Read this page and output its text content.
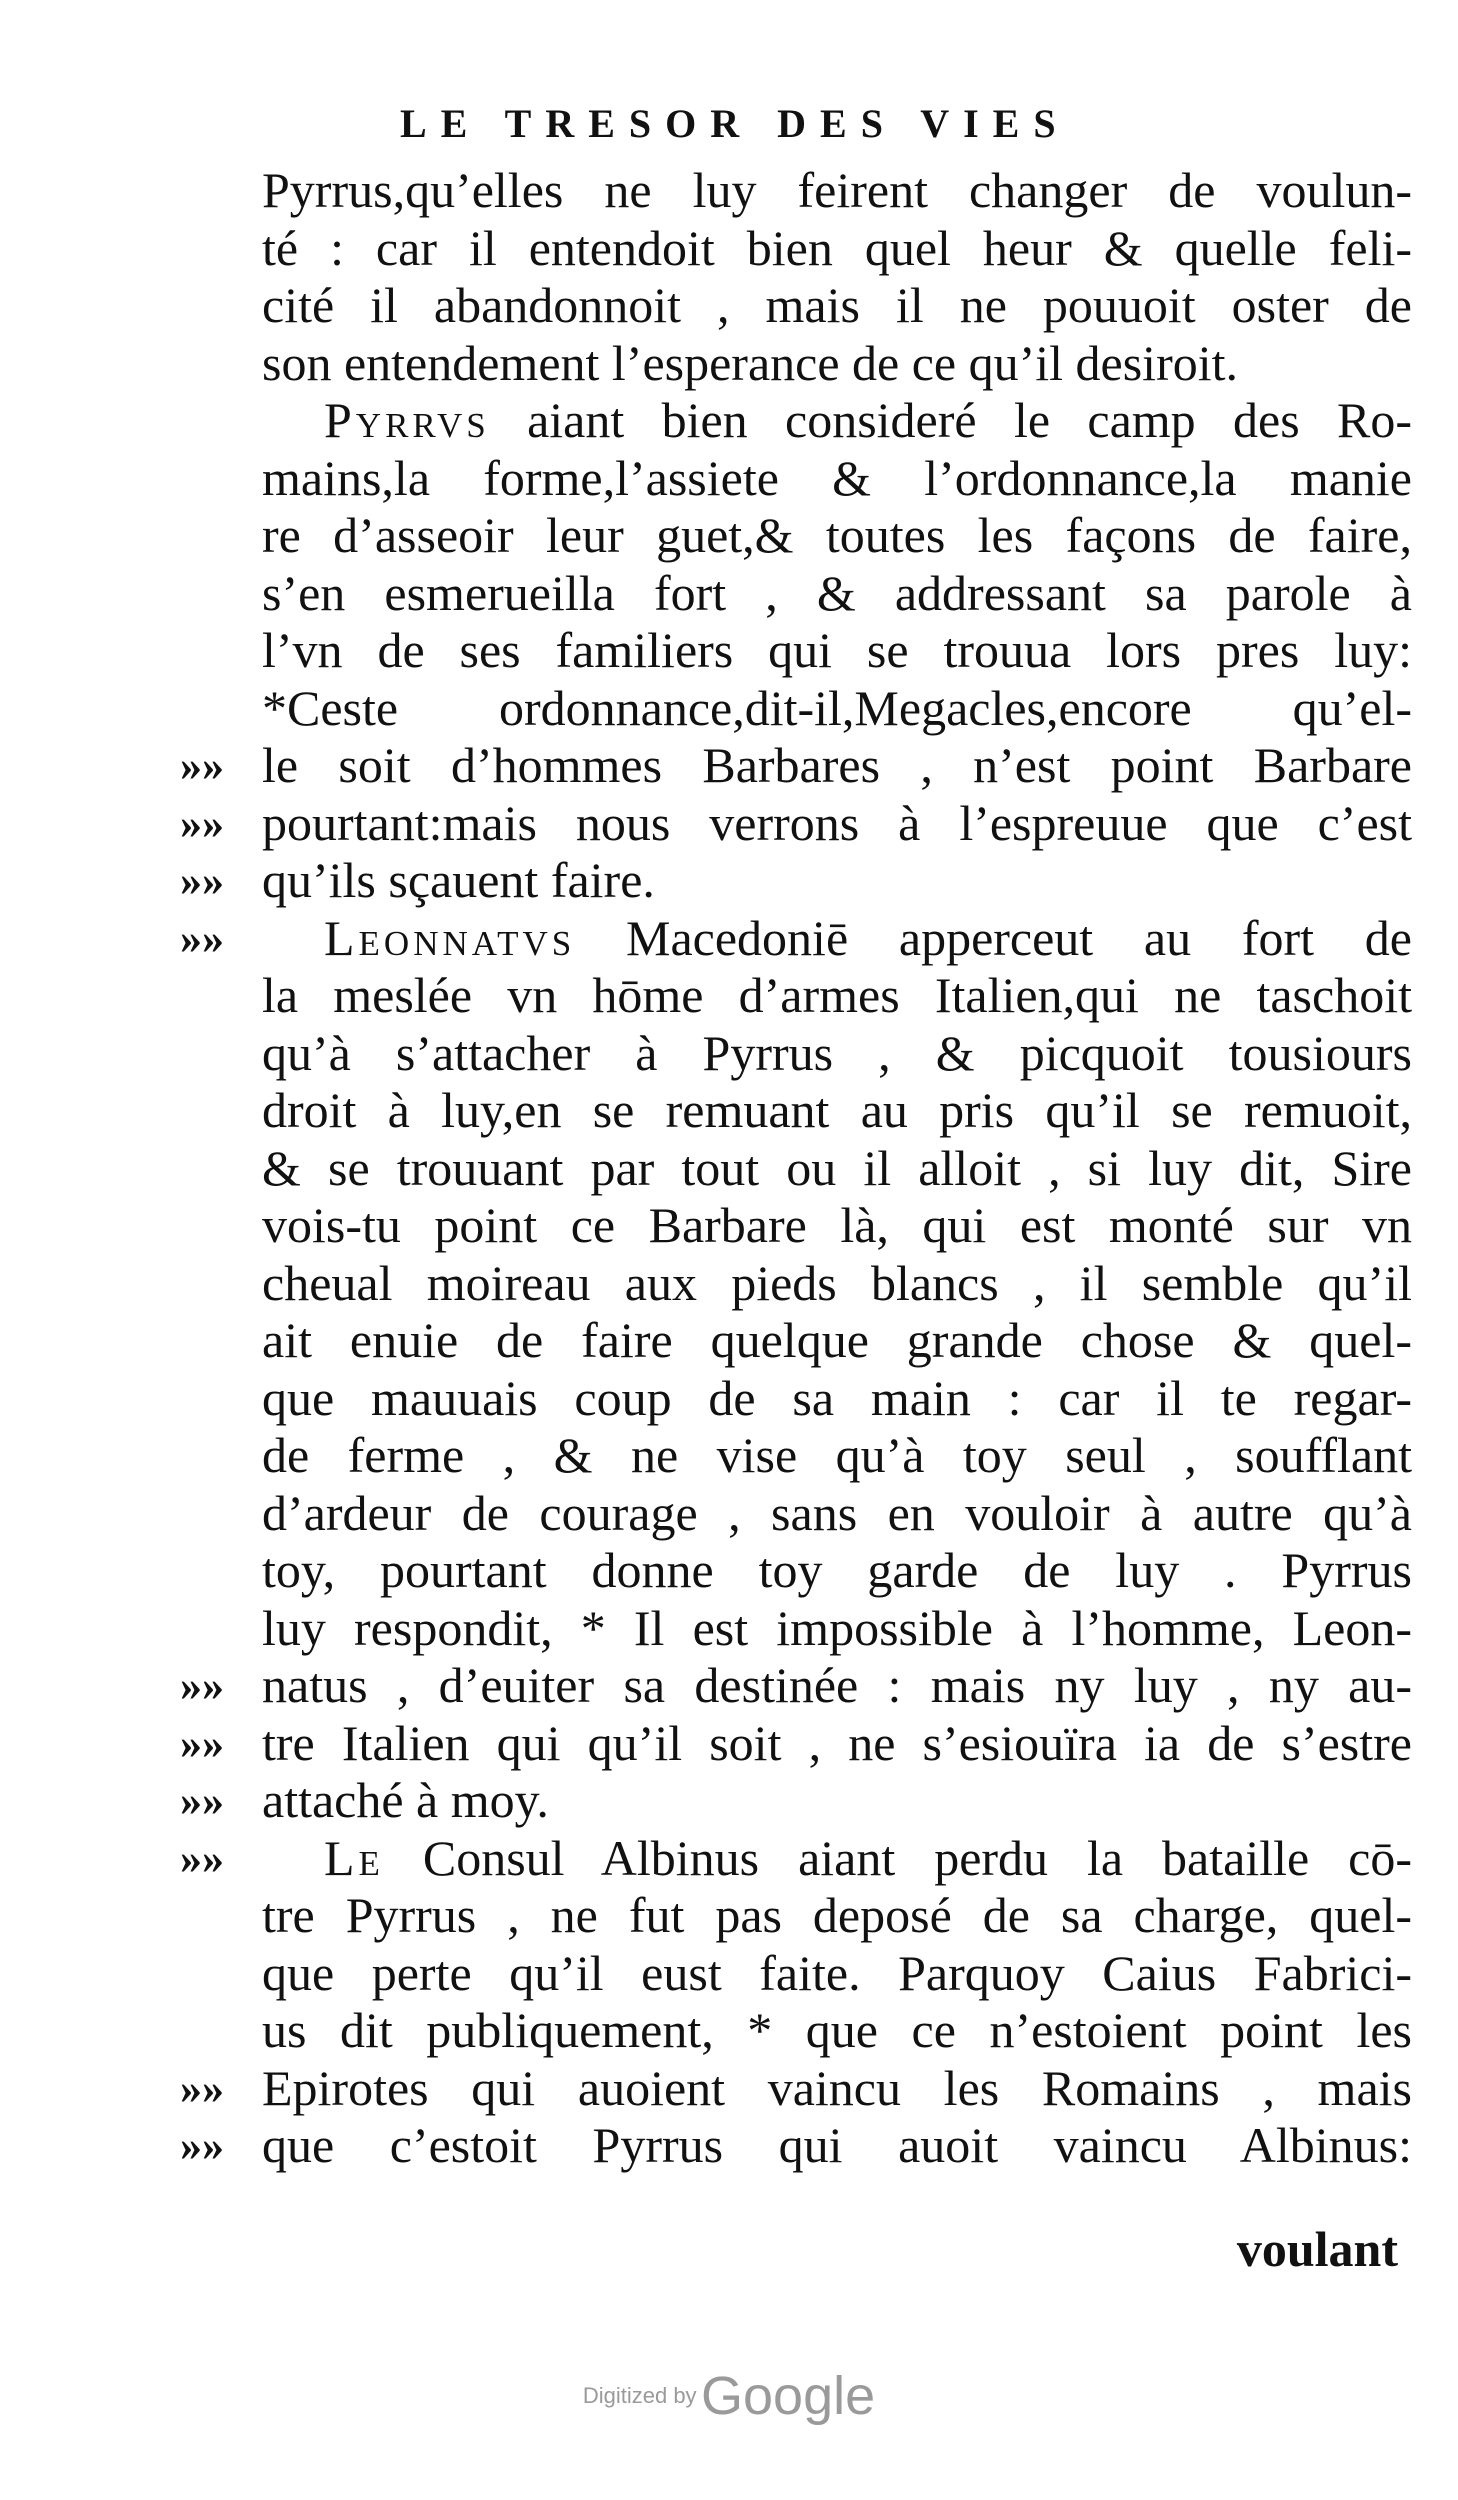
LE TRESOR DES VIES
»»
»»
»»
»»
»»
»»
»»
»»
»»
»»
Pyrrus,qu’elles ne luy feirent changer de voulun-
té : car il entendoit bien quel heur & quelle feli-
cité il abandonnoit , mais il ne pouuoit oster de
son entendement l’esperance de ce qu’il desiroit.
Pyrrvs aiant bien consideré le camp des Ro-
mains,la forme,l’assiete & l’ordonnance,la manie
re d’asseoir leur guet,& toutes les façons de faire,
s’en esmerueilla fort , & addressant sa parole à
l’vn de ses familiers qui se trouua lors pres luy:
*Ceste ordonnance,dit-il,Megacles,encore qu’el-
le soit d’hommes Barbares , n’est point Barbare
pourtant:mais nous verrons à l’espreuue que c’est
qu’ils sçauent faire.
Leonnatvs Macedoniē apperceut au fort de
la meslée vn hōme d’armes Italien,qui ne taschoit
qu’à s’attacher à Pyrrus , & picquoit tousiours
droit à luy,en se remuant au pris qu’il se remuoit,
& se trouuant par tout ou il alloit , si luy dit, Sire
vois-tu point ce Barbare là, qui est monté sur vn
cheual moireau aux pieds blancs , il semble qu’il
ait enuie de faire quelque grande chose & quel-
que mauuais coup de sa main : car il te regar-
de ferme , & ne vise qu’à toy seul , soufflant
d’ardeur de courage , sans en vouloir à autre qu’à
toy, pourtant donne toy garde de luy . Pyrrus
luy respondit, * Il est impossible à l’homme, Leon-
natus , d’euiter sa destinée : mais ny luy , ny au-
tre Italien qui qu’il soit , ne s’esiouïra ia de s’estre
attaché à moy.
Le Consul Albinus aiant perdu la bataille cō-
tre Pyrrus , ne fut pas deposé de sa charge, quel-
que perte qu’il eust faite. Parquoy Caius Fabrici-
us dit publiquement, * que ce n’estoient point les
Epirotes qui auoient vaincu les Romains , mais
que c’estoit Pyrrus qui auoit vaincu Albinus:
voulant
Digitized by Google
